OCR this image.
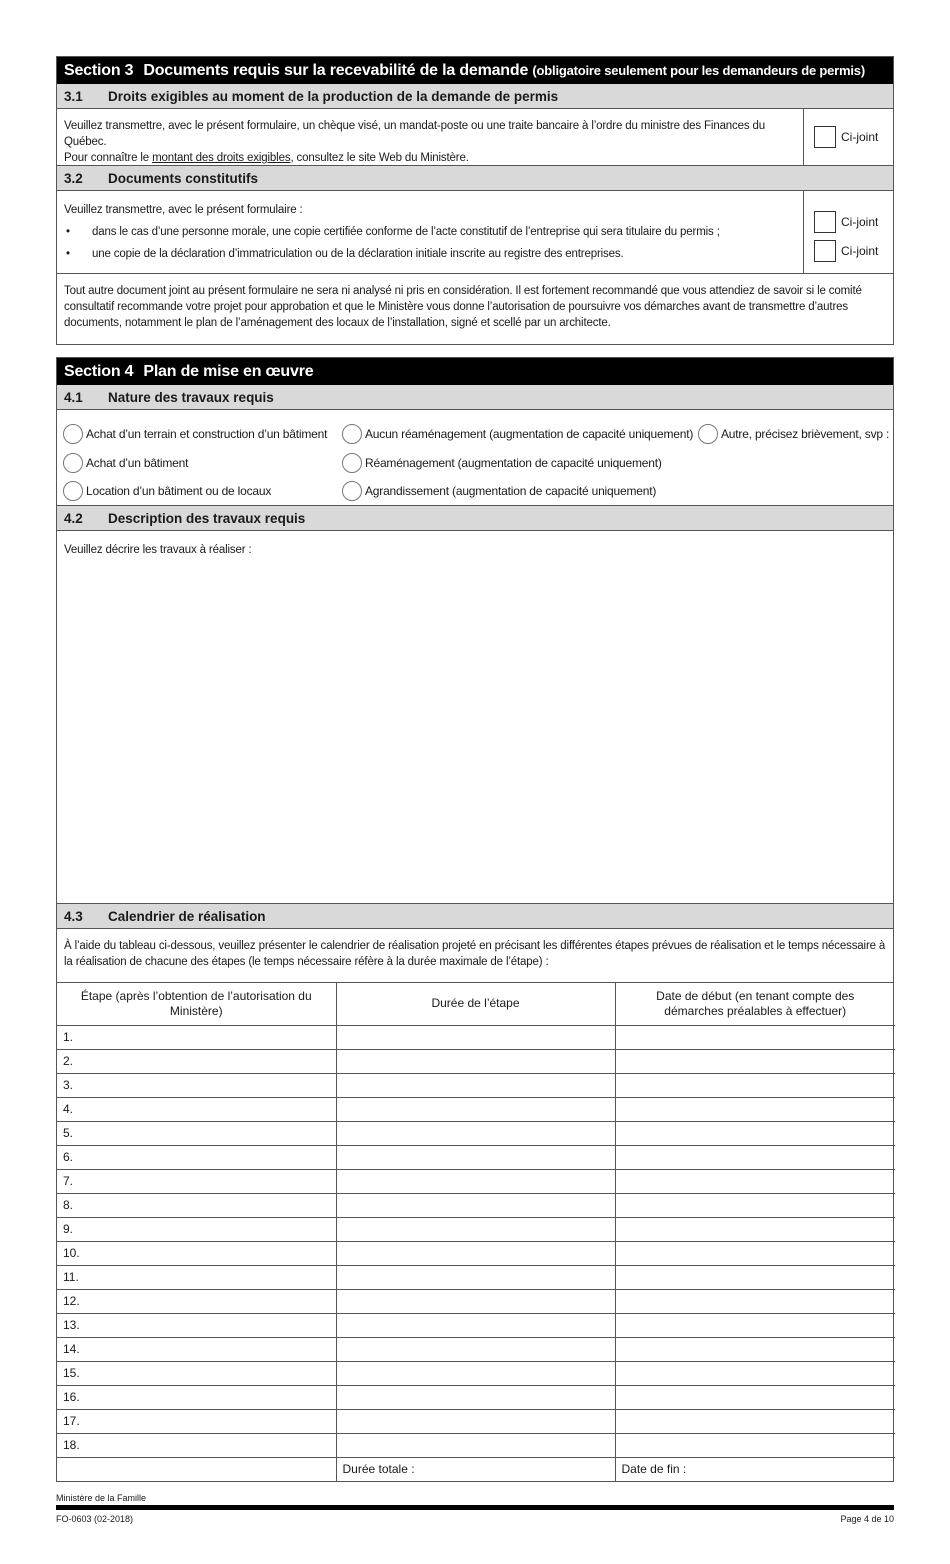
Section 3 Documents requis sur la recevabilité de la demande (obligatoire seulement pour les demandeurs de permis)
3.1 Droits exigibles au moment de la production de la demande de permis
Veuillez transmettre, avec le présent formulaire, un chèque visé, un mandat-poste ou une traite bancaire à l’ordre du ministre des Finances du Québec.
Pour connaître le montant des droits exigibles, consultez le site Web du Ministère.
Ci-joint
3.2 Documents constitutifs
Veuillez transmettre, avec le présent formulaire :
• dans le cas d’une personne morale, une copie certifiée conforme de l’acte constitutif de l’entreprise qui sera titulaire du permis ;
• une copie de la déclaration d’immatriculation ou de la déclaration initiale inscrite au registre des entreprises.
Ci-joint
Ci-joint
Tout autre document joint au présent formulaire ne sera ni analysé ni pris en considération. Il est fortement recommandé que vous attendiez de savoir si le comité consultatif recommande votre projet pour approbation et que le Ministère vous donne l’autorisation de poursuivre vos démarches avant de transmettre d’autres documents, notamment le plan de l’aménagement des locaux de l’installation, signé et scellé par un architecte.
Section 4 Plan de mise en œuvre
4.1 Nature des travaux requis
Achat d’un terrain et construction d’un bâtiment	Aucun réaménagement (augmentation de capacité uniquement) Autre, précisez brièvement, svp :
Achat d’un bâtiment	Réaménagement (augmentation de capacité uniquement)
Location d’un bâtiment ou de locaux	Agrandissement (augmentation de capacité uniquement)
4.2 Description des travaux requis
Veuillez décrire les travaux à réaliser :
4.3 Calendrier de réalisation
À l’aide du tableau ci-dessous, veuillez présenter le calendrier de réalisation projeté en précisant les différentes étapes prévues de réalisation et le temps nécessaire à la réalisation de chacune des étapes (le temps nécessaire réfère à la durée maximale de l’étape) :
Étape (après l’obtention de l’autorisation du Ministère)	Durée de l’étape	Date de début (en tenant compte des démarches préalables à effectuer)
1.		
2.		
3.		
4.		
5.		
6.		
7.		
8.		
9.		
10.		
11.		
12.		
13.		
14.		
15.		
16.		
17.		
18.		
	Durée totale :	Date de fin :
Ministère de la Famille
FO-0603 (02-2018)	Page 4 de 10
